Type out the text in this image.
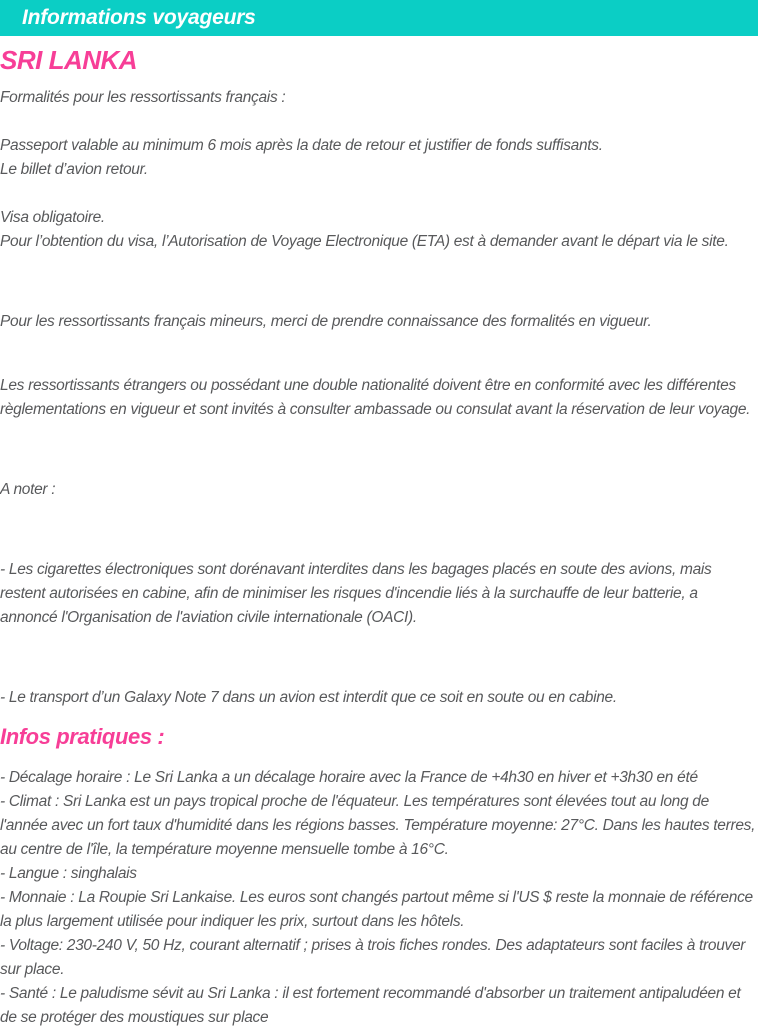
Informations voyageurs
SRI LANKA

Formalités pour les ressortissants français :

Passeport valable au minimum 6 mois après la date de retour et justifier de fonds suffisants.

Le billet d’avion retour.

Visa obligatoire.

Pour l’obtention du visa, l’Autorisation de Voyage Electronique (ETA) est à demander avant le départ via le site.

Pour les ressortissants français mineurs, merci de prendre connaissance des formalités en vigueur.

Les ressortissants étrangers ou possédant une double nationalité doivent être en conformité avec les différentes règlementations en vigueur et sont invités à consulter ambassade ou consulat avant la réservation de leur voyage.

A noter :

- Les cigarettes électroniques sont dorénavant interdites dans les bagages placés en soute des avions, mais restent autorisées en cabine, afin de minimiser les risques d'incendie liés à la surchauffe de leur batterie, a annoncé l'Organisation de l'aviation civile internationale (OACI).

- Le transport d’un Galaxy Note 7 dans un avion est interdit que ce soit en soute ou en cabine.

Infos pratiques :

- Décalage horaire : Le Sri Lanka a un décalage horaire avec la France de +4h30 en hiver et +3h30 en été

- Climat : Sri Lanka est un pays tropical proche de l'équateur. Les températures sont élevées tout au long de l'année avec un fort taux d'humidité dans les régions basses. Température moyenne: 27°C. Dans les hautes terres, au centre de l'île, la température moyenne mensuelle tombe à 16°C.

- Langue : singhalais

- Monnaie : La Roupie Sri Lankaise. Les euros sont changés partout même si l'US $ reste la monnaie de référence la plus largement utilisée pour indiquer les prix, surtout dans les hôtels.

- Voltage: 230-240 V, 50 Hz, courant alternatif ; prises à trois fiches rondes. Des adaptateurs sont faciles à trouver sur place.

- Santé : Le paludisme sévit au Sri Lanka : il est fortement recommandé d'absorber un traitement antipaludéen et de se protéger des moustiques sur place
